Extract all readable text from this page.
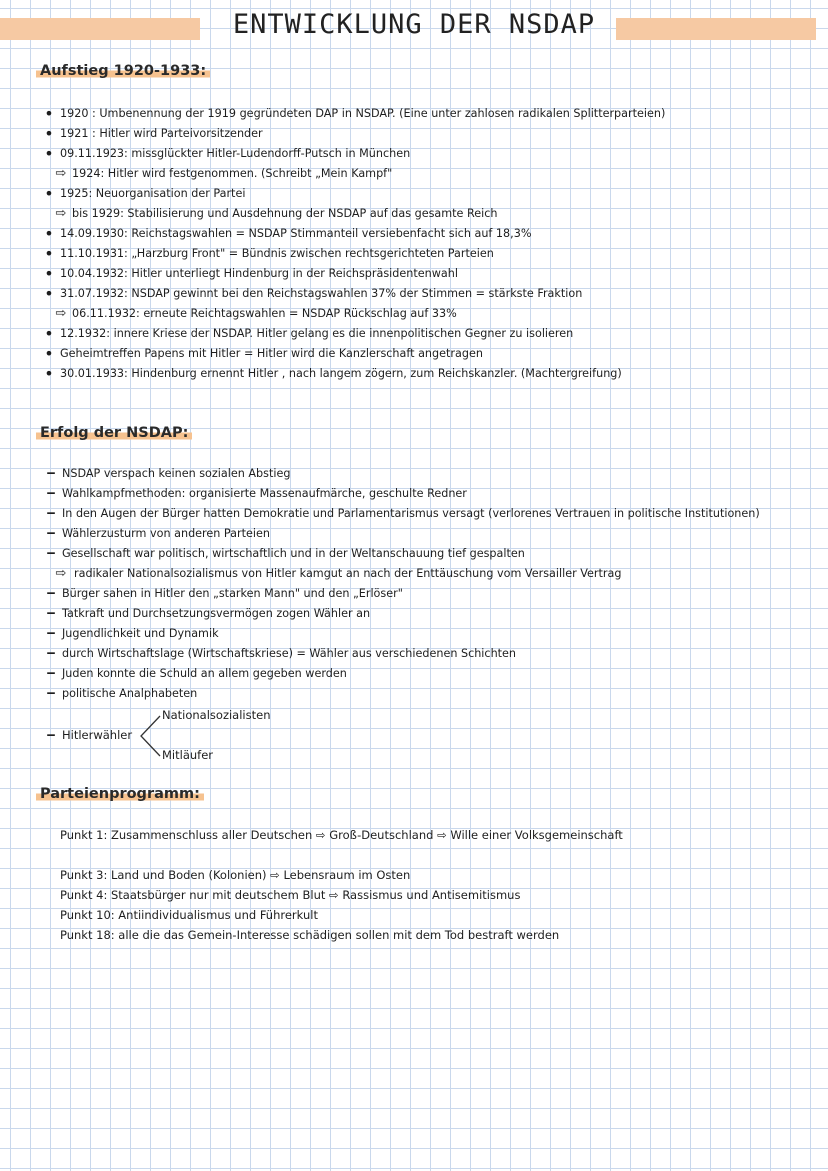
ENTWICKLUNG DER NSDAP
Aufstieg 1920-1933:
•
1920 : Umbenennung der 1919 gegründeten DAP in NSDAP. (Eine unter zahlosen radikalen Splitterparteien)
•
1921 : Hitler wird Parteivorsitzender
•
09.11.1923: missglückter Hitler-Ludendorff-Putsch in München
⇨ 1924: Hitler wird festgenommen. (Schreibt „Mein Kampf"
•
1925: Neuorganisation der Partei
⇨ bis 1929: Stabilisierung und Ausdehnung der NSDAP auf das gesamte Reich
•
14.09.1930: Reichstagswahlen = NSDAP Stimmanteil versiebenfacht sich auf 18,3%
•
11.10.1931: „Harzburg Front" = Bündnis zwischen rechtsgerichteten Parteien
•
10.04.1932: Hitler unterliegt Hindenburg in der Reichspräsidentenwahl
•
31.07.1932: NSDAP gewinnt bei den Reichstagswahlen 37% der Stimmen = stärkste Fraktion
⇨ 06.11.1932: erneute Reichtagswahlen = NSDAP Rückschlag auf 33%
•
12.1932: innere Kriese der NSDAP. Hitler gelang es die innenpolitischen Gegner zu isolieren
•
Geheimtreffen Papens mit Hitler = Hitler wird die Kanzlerschaft angetragen
•
30.01.1933: Hindenburg ernennt Hitler , nach langem zögern, zum Reichskanzler. (Machtergreifung)
Erfolg der NSDAP:
‒
NSDAP verspach keinen sozialen Abstieg
‒
Wahlkampfmethoden: organisierte Massenaufmärche, geschulte Redner
‒
In den Augen der Bürger hatten Demokratie und Parlamentarismus versagt (verlorenes Vertrauen in politische Institutionen)
‒
Wählerzusturm von anderen Parteien
‒
Gesellschaft war politisch, wirtschaftlich und in der Weltanschauung tief gespalten
⇨ radikaler Nationalsozialismus von Hitler kamgut an nach der Enttäuschung vom Versailler Vertrag
‒
Bürger sahen in Hitler den „starken Mann" und den „Erlöser"
‒
Tatkraft und Durchsetzungsvermögen zogen Wähler an
‒
Jugendlichkeit und Dynamik
‒
durch Wirtschaftslage (Wirtschaftskriese) = Wähler aus verschiedenen Schichten
‒
Juden konnte die Schuld an allem gegeben werden
‒
politische Analphabeten
‒
Hitlerwähler
Nationalsozialisten
Mitläufer
Parteienprogramm:
Punkt 1: Zusammenschluss aller Deutschen ⇨ Groß-Deutschland ⇨ Wille einer Volksgemeinschaft
Punkt 3: Land und Boden (Kolonien) ⇨ Lebensraum im Osten
Punkt 4: Staatsbürger nur mit deutschem Blut ⇨ Rassismus und Antisemitismus
Punkt 10: Antiindividualismus und Führerkult
Punkt 18: alle die das Gemein-Interesse schädigen sollen mit dem Tod bestraft werden
